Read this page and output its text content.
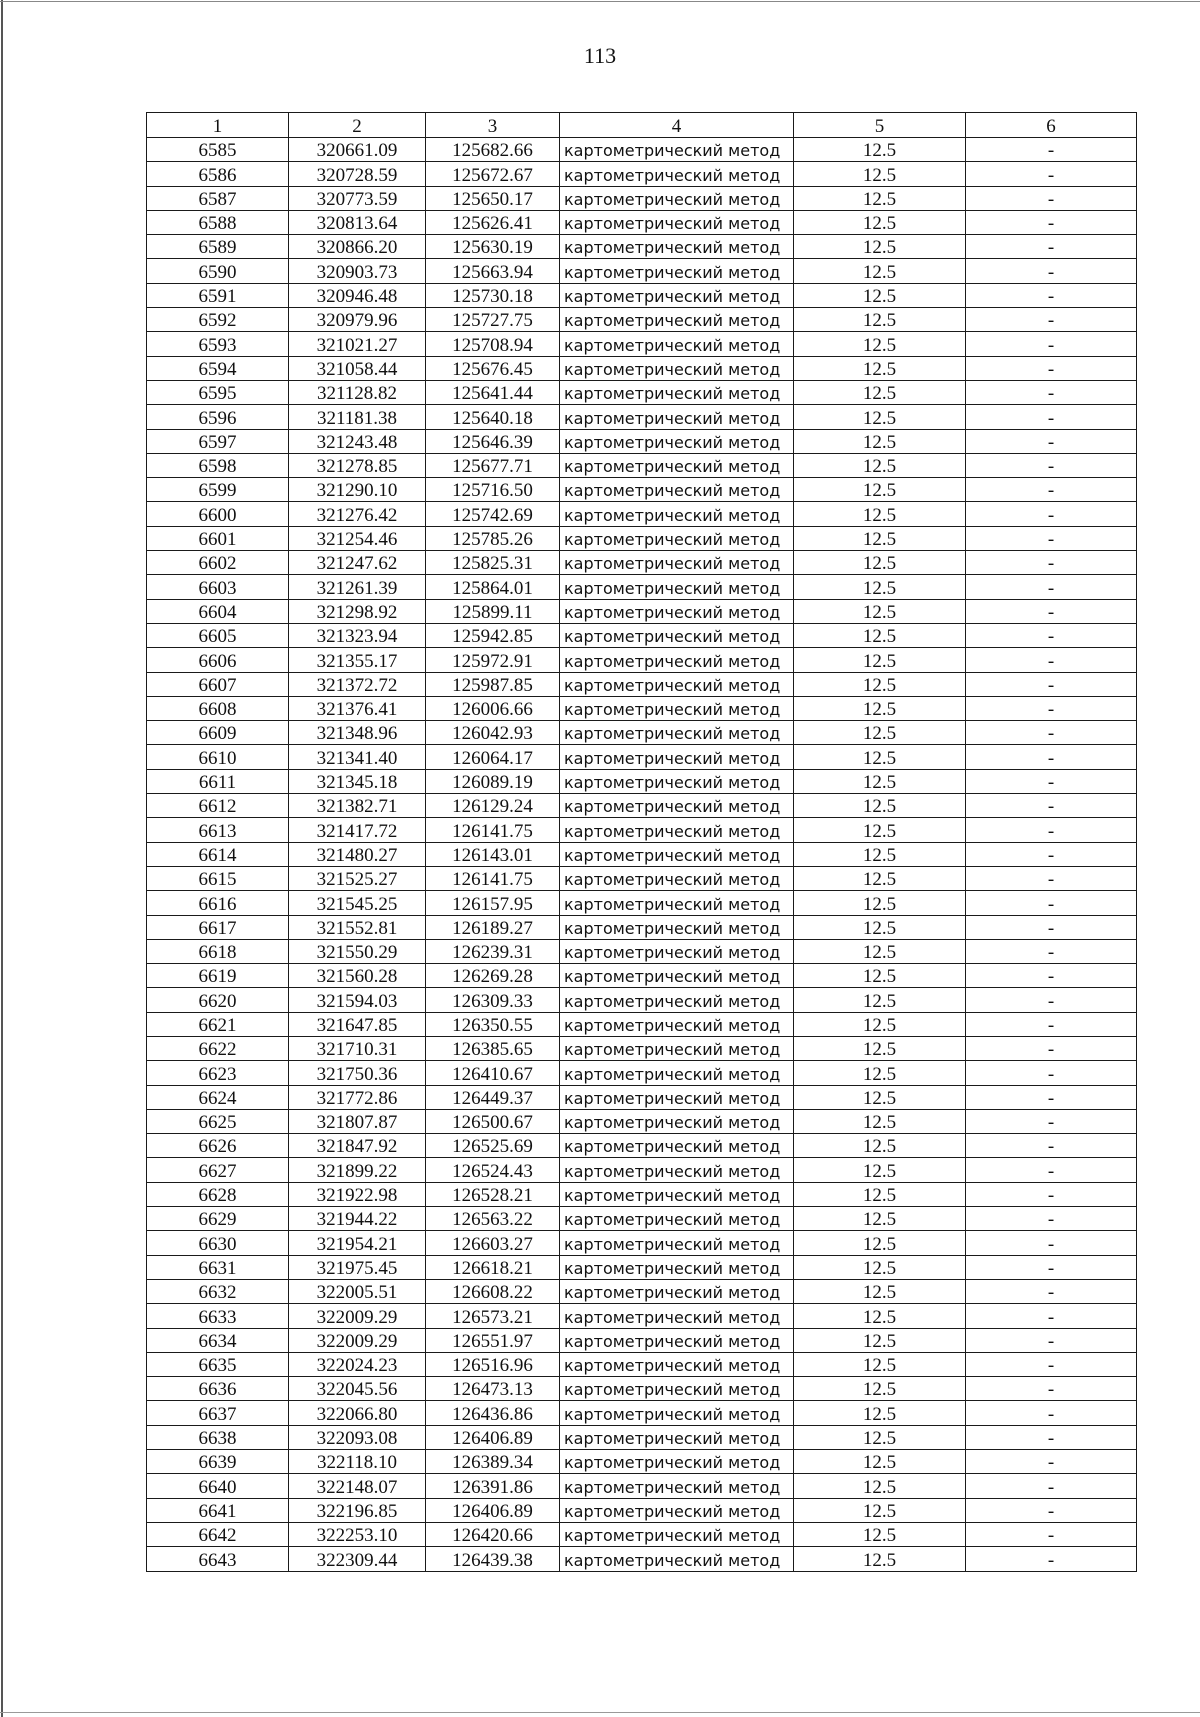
113
1	2	3	4	5	6
6585	320661.09	125682.66	картометрический метод	12.5	-
6586	320728.59	125672.67	картометрический метод	12.5	-
6587	320773.59	125650.17	картометрический метод	12.5	-
6588	320813.64	125626.41	картометрический метод	12.5	-
6589	320866.20	125630.19	картометрический метод	12.5	-
6590	320903.73	125663.94	картометрический метод	12.5	-
6591	320946.48	125730.18	картометрический метод	12.5	-
6592	320979.96	125727.75	картометрический метод	12.5	-
6593	321021.27	125708.94	картометрический метод	12.5	-
6594	321058.44	125676.45	картометрический метод	12.5	-
6595	321128.82	125641.44	картометрический метод	12.5	-
6596	321181.38	125640.18	картометрический метод	12.5	-
6597	321243.48	125646.39	картометрический метод	12.5	-
6598	321278.85	125677.71	картометрический метод	12.5	-
6599	321290.10	125716.50	картометрический метод	12.5	-
6600	321276.42	125742.69	картометрический метод	12.5	-
6601	321254.46	125785.26	картометрический метод	12.5	-
6602	321247.62	125825.31	картометрический метод	12.5	-
6603	321261.39	125864.01	картометрический метод	12.5	-
6604	321298.92	125899.11	картометрический метод	12.5	-
6605	321323.94	125942.85	картометрический метод	12.5	-
6606	321355.17	125972.91	картометрический метод	12.5	-
6607	321372.72	125987.85	картометрический метод	12.5	-
6608	321376.41	126006.66	картометрический метод	12.5	-
6609	321348.96	126042.93	картометрический метод	12.5	-
6610	321341.40	126064.17	картометрический метод	12.5	-
6611	321345.18	126089.19	картометрический метод	12.5	-
6612	321382.71	126129.24	картометрический метод	12.5	-
6613	321417.72	126141.75	картометрический метод	12.5	-
6614	321480.27	126143.01	картометрический метод	12.5	-
6615	321525.27	126141.75	картометрический метод	12.5	-
6616	321545.25	126157.95	картометрический метод	12.5	-
6617	321552.81	126189.27	картометрический метод	12.5	-
6618	321550.29	126239.31	картометрический метод	12.5	-
6619	321560.28	126269.28	картометрический метод	12.5	-
6620	321594.03	126309.33	картометрический метод	12.5	-
6621	321647.85	126350.55	картометрический метод	12.5	-
6622	321710.31	126385.65	картометрический метод	12.5	-
6623	321750.36	126410.67	картометрический метод	12.5	-
6624	321772.86	126449.37	картометрический метод	12.5	-
6625	321807.87	126500.67	картометрический метод	12.5	-
6626	321847.92	126525.69	картометрический метод	12.5	-
6627	321899.22	126524.43	картометрический метод	12.5	-
6628	321922.98	126528.21	картометрический метод	12.5	-
6629	321944.22	126563.22	картометрический метод	12.5	-
6630	321954.21	126603.27	картометрический метод	12.5	-
6631	321975.45	126618.21	картометрический метод	12.5	-
6632	322005.51	126608.22	картометрический метод	12.5	-
6633	322009.29	126573.21	картометрический метод	12.5	-
6634	322009.29	126551.97	картометрический метод	12.5	-
6635	322024.23	126516.96	картометрический метод	12.5	-
6636	322045.56	126473.13	картометрический метод	12.5	-
6637	322066.80	126436.86	картометрический метод	12.5	-
6638	322093.08	126406.89	картометрический метод	12.5	-
6639	322118.10	126389.34	картометрический метод	12.5	-
6640	322148.07	126391.86	картометрический метод	12.5	-
6641	322196.85	126406.89	картометрический метод	12.5	-
6642	322253.10	126420.66	картометрический метод	12.5	-
6643	322309.44	126439.38	картометрический метод	12.5	-
